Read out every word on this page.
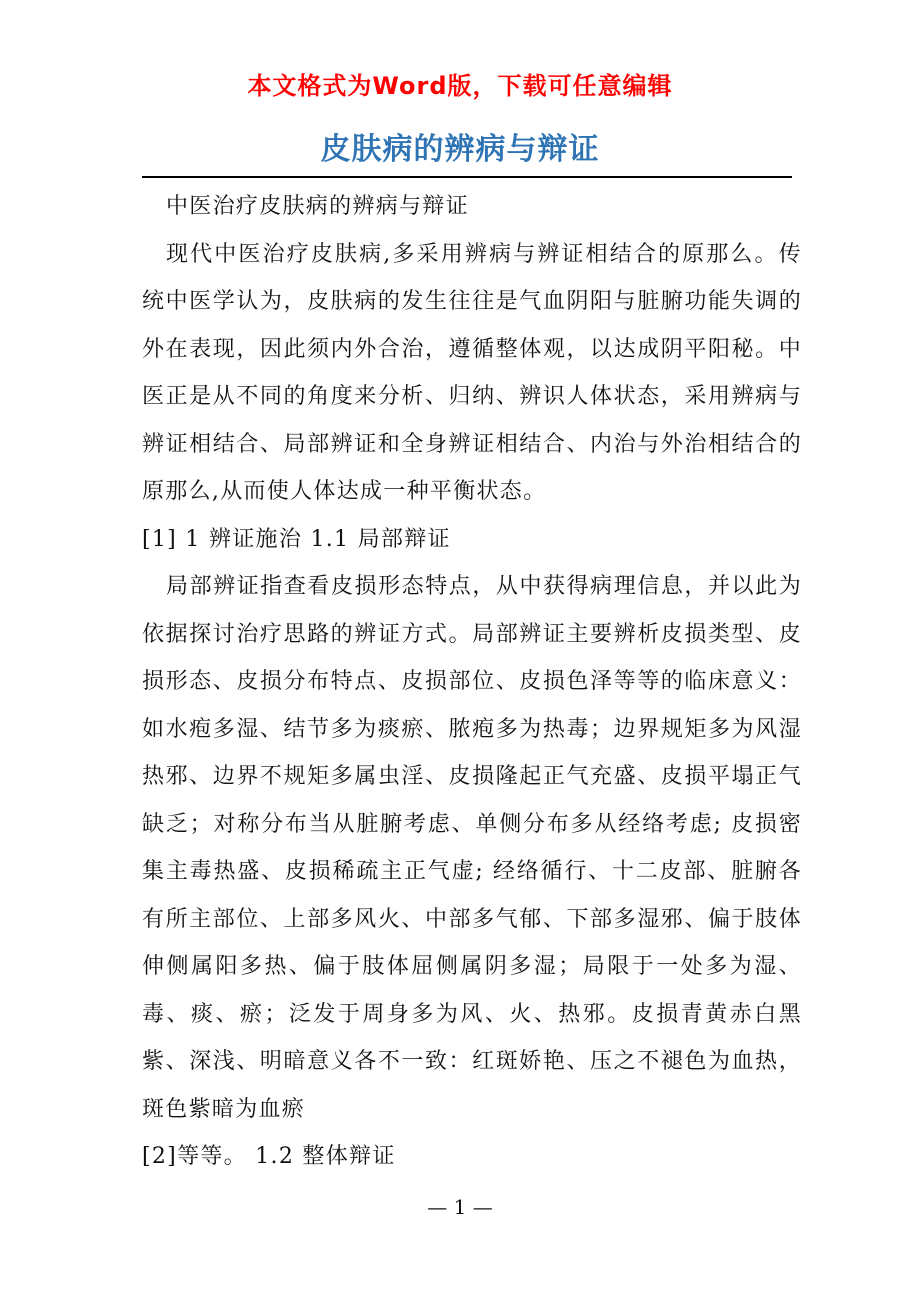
本文格式为Word版，下载可任意编辑
皮肤病的辨病与辩证

中医治疗皮肤病的辨病与辩证

现代中医治疗皮肤病,多采用辨病与辨证相结合的原那么。传统中医学认为，皮肤病的发生往往是气血阴阳与脏腑功能失调的外在表现，因此须内外合治，遵循整体观，以达成阴平阳秘。中医正是从不同的角度来分析、归纳、辨识人体状态，采用辨病与辨证相结合、局部辨证和全身辨证相结合、内治与外治相结合的原那么,从而使人体达成一种平衡状态。

[1] 1 辨证施治 1.1 局部辩证

局部辨证指查看皮损形态特点，从中获得病理信息，并以此为依据探讨治疗思路的辨证方式。局部辨证主要辨析皮损类型、皮损形态、皮损分布特点、皮损部位、皮损色泽等等的临床意义：如水疱多湿、结节多为痰瘀、脓疱多为热毒；边界规矩多为风湿热邪、边界不规矩多属虫淫、皮损隆起正气充盛、皮损平塌正气缺乏；对称分布当从脏腑考虑、单侧分布多从经络考虑; 皮损密集主毒热盛、皮损稀疏主正气虚; 经络循行、十二皮部、脏腑各有所主部位、上部多风火、中部多气郁、下部多湿邪、偏于肢体伸侧属阳多热、偏于肢体屈侧属阴多湿；局限于一处多为湿、毒、痰、瘀；泛发于周身多为风、火、热邪。皮损青黄赤白黑紫、深浅、明暗意义各不一致：红斑娇艳、压之不褪色为血热，斑色紫暗为血瘀

[2]等等。 1.2 整体辩证

— 1 —
